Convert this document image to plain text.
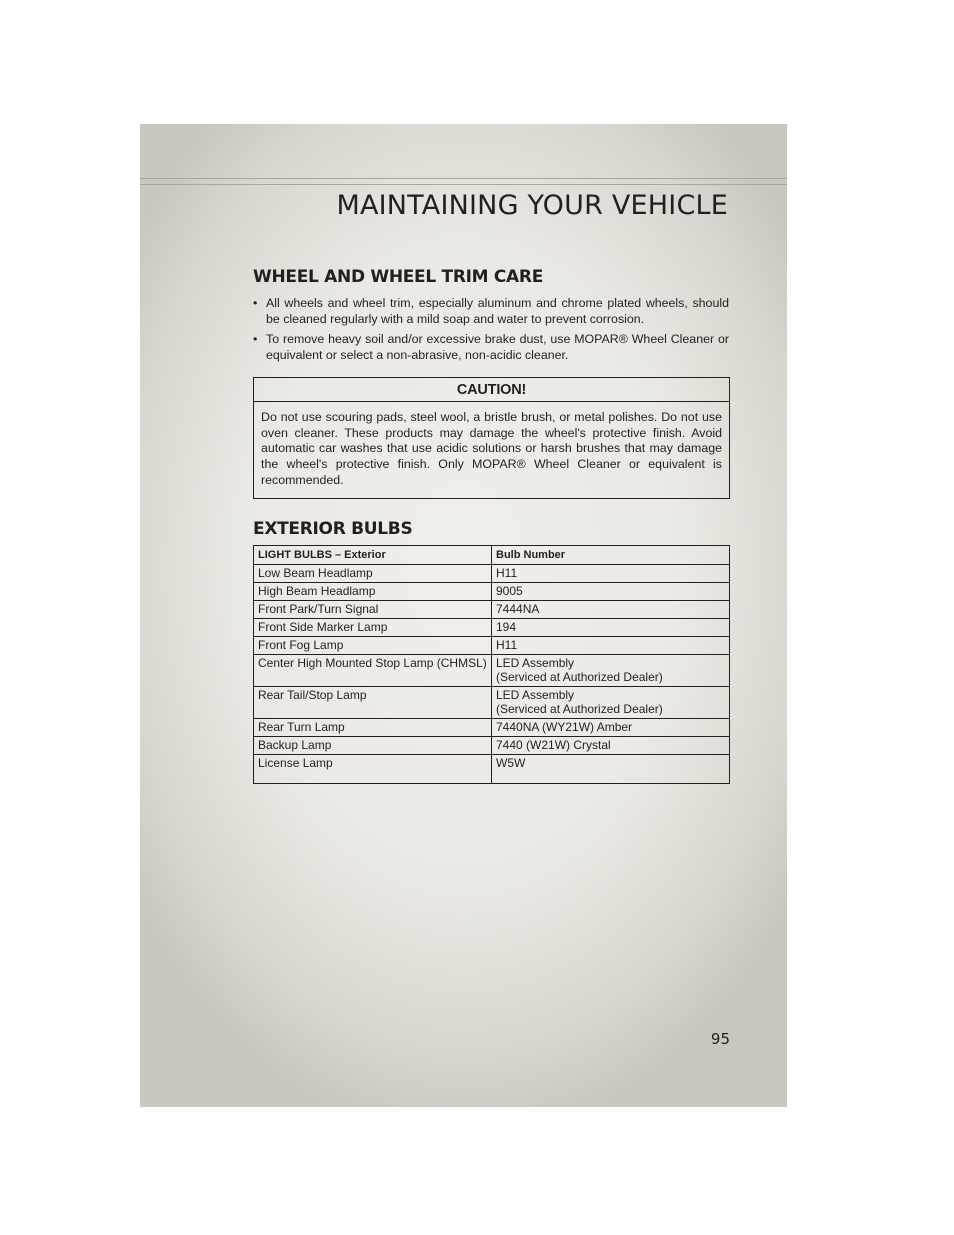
MAINTAINING YOUR VEHICLE
WHEEL AND WHEEL TRIM CARE
• All wheels and wheel trim, especially aluminum and chrome plated wheels, should be cleaned regularly with a mild soap and water to prevent corrosion.
• To remove heavy soil and/or excessive brake dust, use MOPAR® Wheel Cleaner or equivalent or select a non-abrasive, non-acidic cleaner.
CAUTION!
Do not use scouring pads, steel wool, a bristle brush, or metal polishes. Do not use oven cleaner. These products may damage the wheel's protective finish. Avoid automatic car washes that use acidic solutions or harsh brushes that may damage the wheel's protective finish. Only MOPAR® Wheel Cleaner or equivalent is recommended.
EXTERIOR BULBS
LIGHT BULBS – Exterior	Bulb Number
Low Beam Headlamp	H11
High Beam Headlamp	9005
Front Park/Turn Signal	7444NA
Front Side Marker Lamp	194
Front Fog Lamp	H11
Center High Mounted Stop Lamp (CHMSL)	LED Assembly
(Serviced at Authorized Dealer)

Rear Tail/Stop Lamp	LED Assembly
(Serviced at Authorized Dealer)

Rear Turn Lamp	7440NA (WY21W) Amber
Backup Lamp	7440 (W21W) Crystal
License Lamp	W5W
95
